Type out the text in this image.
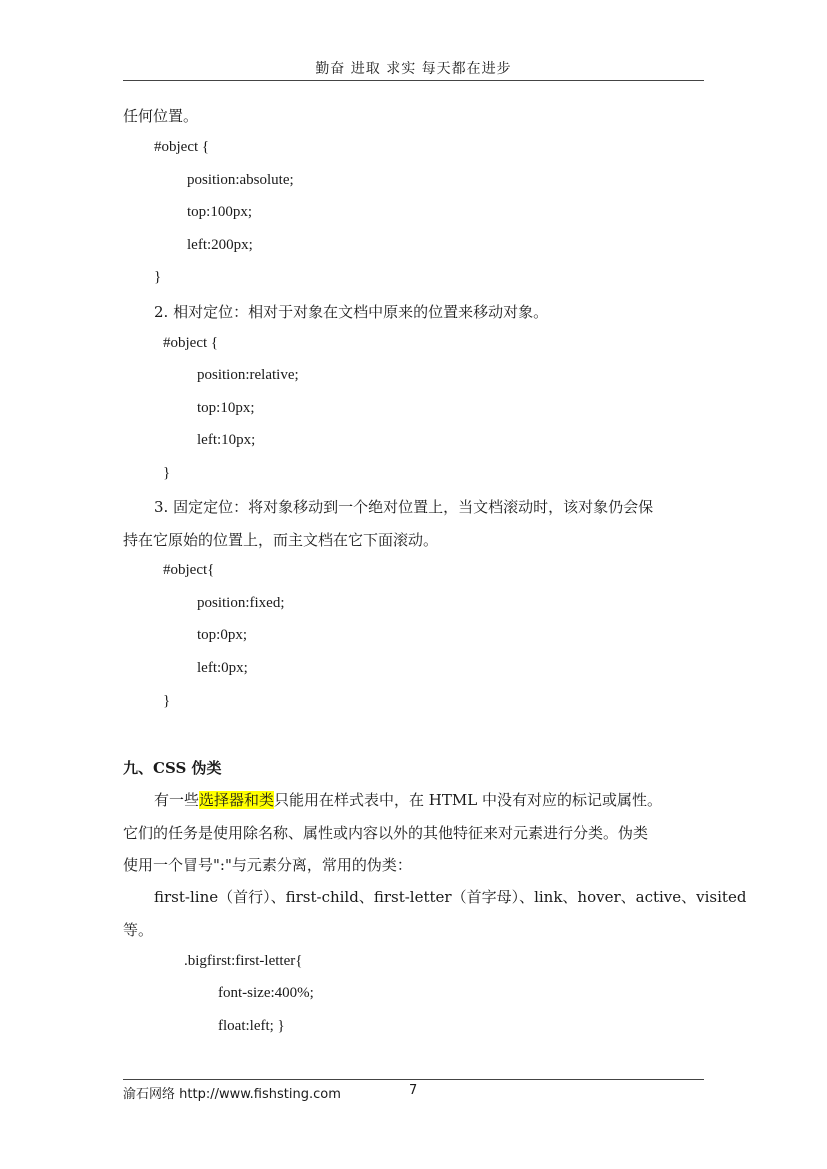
勤奋 进取 求实 每天都在进步
任何位置。
#object {
position:absolute;
top:100px;
left:200px;
}
2. 相对定位：相对于对象在文档中原来的位置来移动对象。
#object {
position:relative;
top:10px;
left:10px;
}
3. 固定定位：将对象移动到一个绝对位置上，当文档滚动时，该对象仍会保
持在它原始的位置上，而主文档在它下面滚动。
#object{
position:fixed;
top:0px;
left:0px;
}
九、CSS 伪类
有一些选择器和类只能用在样式表中，在 HTML 中没有对应的标记或属性。
它们的任务是使用除名称、属性或内容以外的其他特征来对元素进行分类。伪类
使用一个冒号":"与元素分离，常用的伪类：
first-line（首行）、first-child、first-letter（首字母）、link、hover、active、visited
等。
.bigfirst:first-letter{
font-size:400%;
float:left; }
渝石网络 http://www.fishsting.com	7
